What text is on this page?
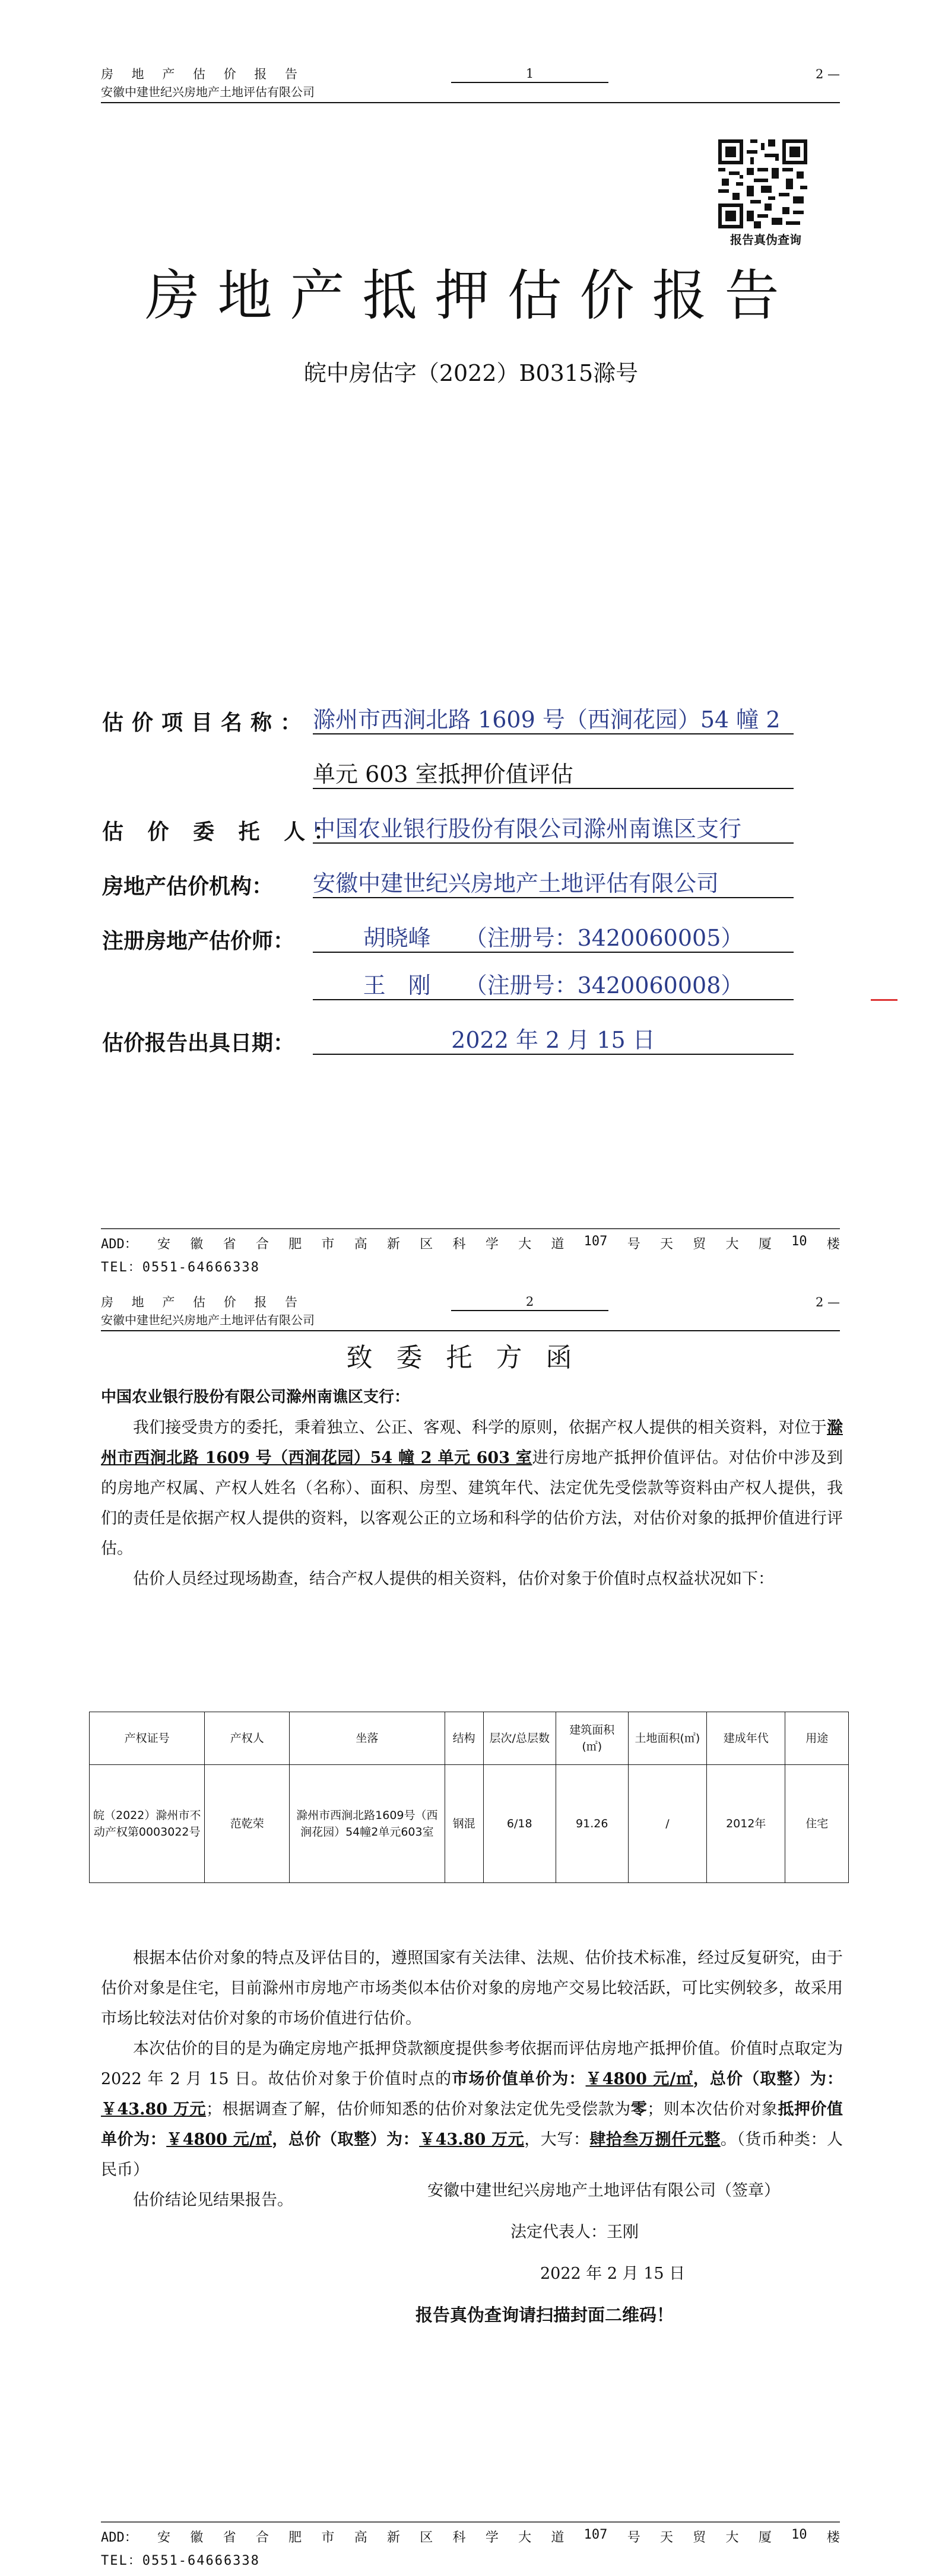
房 地 产 估 价 报 告
安徽中建世纪兴房地产土地评估有限公司
1	2 —
报告真伪查询
房地产抵押估价报告
皖中房估字（2022）B0315滁号
估价项目名称： 滁州市西涧北路 1609 号（西涧花园）54 幢 2
单元 603 室抵押价值评估
估 价 委 托 人：
中国农业银行股份有限公司滁州南谯区支行
房地产估价机构： 安徽中建世纪兴房地产土地评估有限公司
注册房地产估价师：	胡晓峰　　（注册号：3420060005）
王　刚　　（注册号：3420060008）
估价报告出具日期：	2022 年 2 月 15 日
ADD： 安 徽 省 合 肥 市 高 新 区 科 学 大 道 107 号 天 贸 大 厦 10 楼
TEL：0551-64666338
房 地 产 估 价 报 告
安徽中建世纪兴房地产土地评估有限公司
2	2 —
致委托方函
中国农业银行股份有限公司滁州南谯区支行：

我们接受贵方的委托，秉着独立、公正、客观、科学的原则，依据产权人提供的相关资料，对位于滁州市西涧北路 1609 号（西涧花园）54 幢 2 单元 603 室进行房地产抵押价值评估。对估价中涉及到的房地产权属、产权人姓名（名称）、面积、房型、建筑年代、法定优先受偿款等资料由产权人提供，我们的责任是依据产权人提供的资料，以客观公正的立场和科学的估价方法，对估价对象的抵押价值进行评估。

估价人员经过现场勘查，结合产权人提供的相关资料，估价对象于价值时点权益状况如下：

产权证号	产权人	坐落	结构	层次/总层数	建筑面积(㎡)	土地面积(㎡)	建成年代	用途
皖（2022）滁州市不动产权第0003022号	范乾荣	滁州市西涧北路1609号（西涧花园）54幢2单元603室	钢混	6/18	91.26	/	2012年	住宅

根据本估价对象的特点及评估目的，遵照国家有关法律、法规、估价技术标准，经过反复研究，由于估价对象是住宅，目前滁州市房地产市场类似本估价对象的房地产交易比较活跃，可比实例较多，故采用市场比较法对估价对象的市场价值进行估价。

本次估价的目的是为确定房地产抵押贷款额度提供参考依据而评估房地产抵押价值。价值时点取定为 2022 年 2 月 15 日。故估价对象于价值时点的市场价值单价为：￥4800 元/㎡，总价（取整）为：￥43.80 万元；根据调查了解，估价师知悉的估价对象法定优先受偿款为零；则本次估价对象抵押价值单价为：￥4800 元/㎡，总价（取整）为：￥43.80 万元，大写：肆拾叁万捌仟元整。（货币种类：人民币）

估价结论见结果报告。

安徽中建世纪兴房地产土地评估有限公司（签章）
法定代表人：王刚
2022 年 2 月 15 日
报告真伪查询请扫描封面二维码！
ADD： 安 徽 省 合 肥 市 高 新 区 科 学 大 道 107 号 天 贸 大 厦 10 楼
TEL：0551-64666338
